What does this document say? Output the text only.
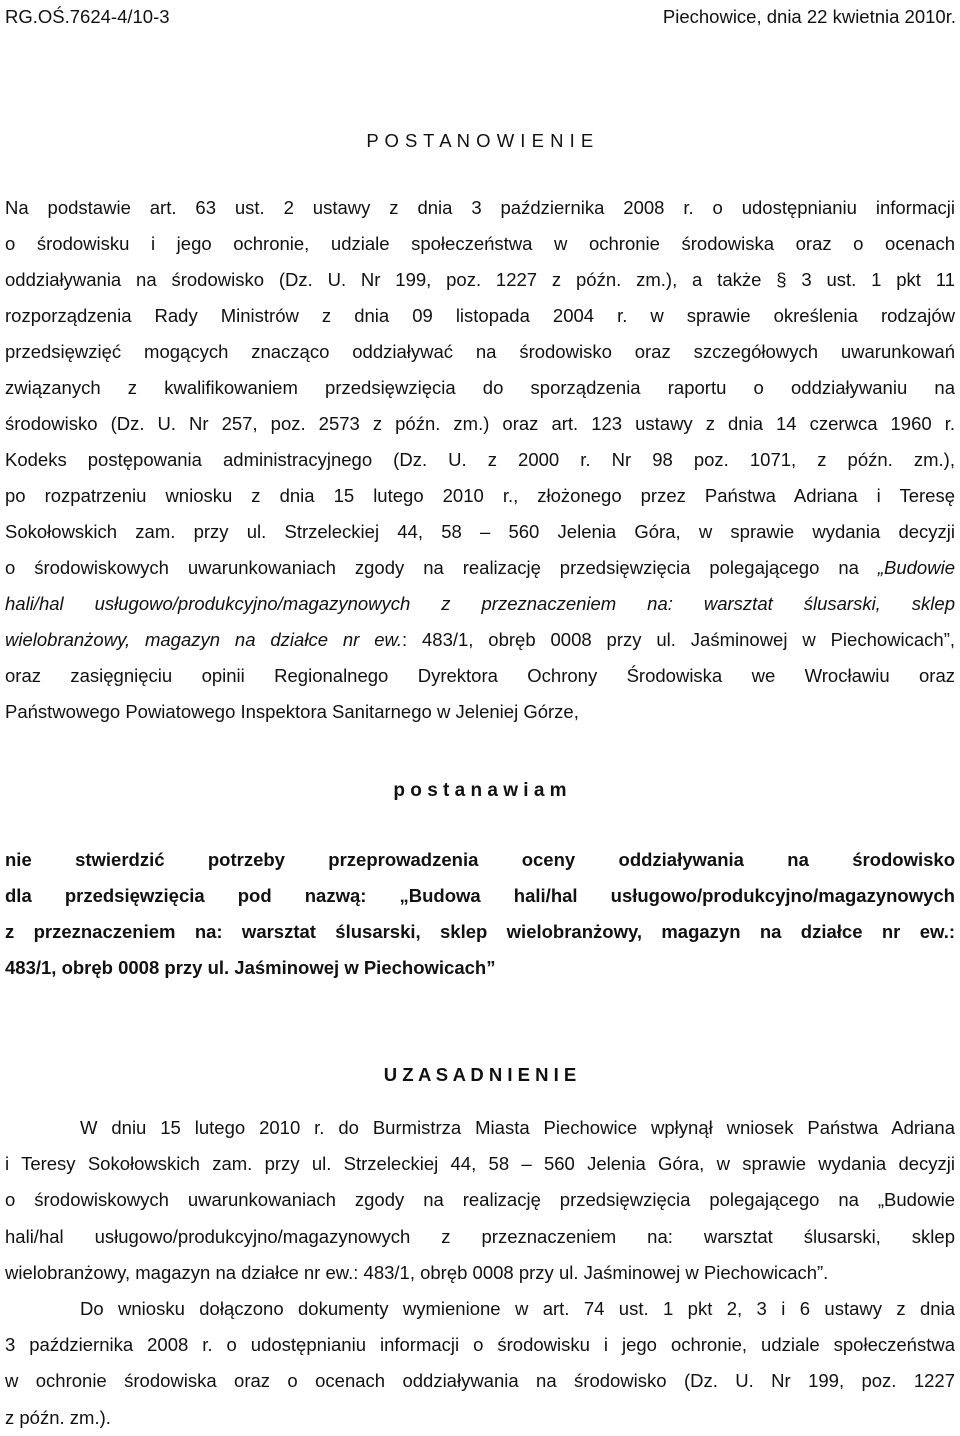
RG.OŚ.7624-4/10-3	Piechowice, dnia 22 kwietnia 2010r.
P O S T A N O W I E N I E
Na podstawie art. 63 ust. 2 ustawy z dnia 3 października 2008 r. o udostępnianiu informacji
o środowisku i jego ochronie, udziale społeczeństwa w ochronie środowiska oraz o ocenach
oddziaływania na środowisko (Dz. U. Nr 199, poz. 1227 z późn. zm.), a także § 3 ust. 1 pkt 11
rozporządzenia Rady Ministrów z dnia 09 listopada 2004 r. w sprawie określenia rodzajów
przedsięwzięć mogących znacząco oddziaływać na środowisko oraz szczegółowych uwarunkowań
związanych z kwalifikowaniem przedsięwzięcia do sporządzenia raportu o oddziaływaniu na
środowisko (Dz. U. Nr 257, poz. 2573 z późn. zm.) oraz art. 123 ustawy z dnia 14 czerwca 1960 r.
Kodeks postępowania administracyjnego (Dz. U. z 2000 r. Nr 98 poz. 1071, z późn. zm.),
po rozpatrzeniu wniosku z dnia 15 lutego 2010 r., złożonego przez Państwa Adriana i Teresę
Sokołowskich zam. przy ul. Strzeleckiej 44, 58 – 560 Jelenia Góra, w sprawie wydania decyzji
o środowiskowych uwarunkowaniach zgody na realizację przedsięwzięcia polegającego na „Budowie
hali/hal usługowo/produkcyjno/magazynowych z przeznaczeniem na: warsztat ślusarski, sklep
wielobranżowy, magazyn na działce nr ew.: 483/1, obręb 0008 przy ul. Jaśminowej w Piechowicach”,
oraz zasięgnięciu opinii Regionalnego Dyrektora Ochrony Środowiska we Wrocławiu oraz
Państwowego Powiatowego Inspektora Sanitarnego w Jeleniej Górze,
p o s t a n a w i a m
nie stwierdzić potrzeby przeprowadzenia oceny oddziaływania na środowisko
dla przedsięwzięcia pod nazwą: „Budowa hali/hal usługowo/produkcyjno/magazynowych
z przeznaczeniem na: warsztat ślusarski, sklep wielobranżowy, magazyn na działce nr ew.:
483/1, obręb 0008 przy ul. Jaśminowej w Piechowicach”
U Z A S A D N I E N I E
W dniu 15 lutego 2010 r. do Burmistrza Miasta Piechowice wpłynął wniosek Państwa Adriana
i Teresy Sokołowskich zam. przy ul. Strzeleckiej 44, 58 – 560 Jelenia Góra, w sprawie wydania decyzji
o środowiskowych uwarunkowaniach zgody na realizację przedsięwzięcia polegającego na „Budowie
hali/hal usługowo/produkcyjno/magazynowych z przeznaczeniem na: warsztat ślusarski, sklep
wielobranżowy, magazyn na działce nr ew.: 483/1, obręb 0008 przy ul. Jaśminowej w Piechowicach”.
Do wniosku dołączono dokumenty wymienione w art. 74 ust. 1 pkt 2, 3 i 6 ustawy z dnia
3 października 2008 r. o udostępnianiu informacji o środowisku i jego ochronie, udziale społeczeństwa
w ochronie środowiska oraz o ocenach oddziaływania na środowisko (Dz. U. Nr 199, poz. 1227
z późn. zm.).
